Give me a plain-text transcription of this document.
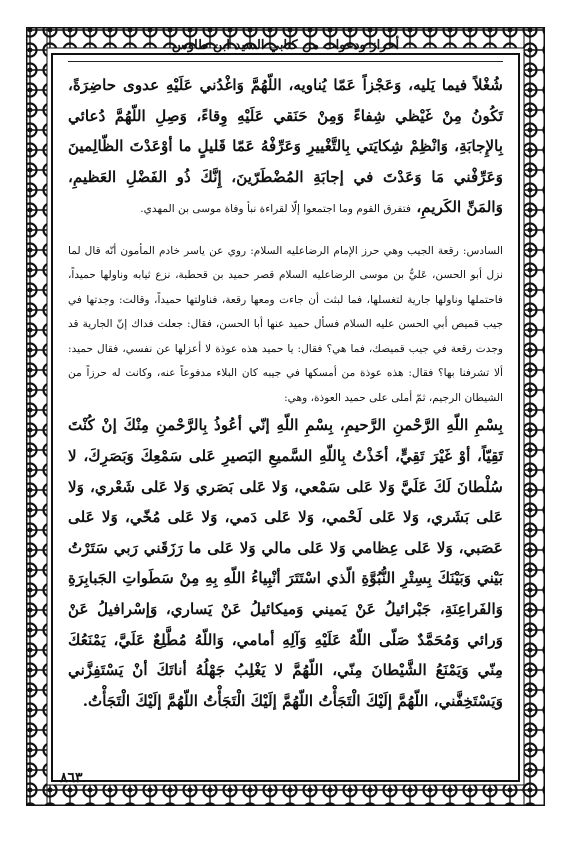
أحراز ودعوات من كتابي السيد ابن طاوس

شُغْلاً فيما يَليه، وَعَجْزاً عَمّا يُناويه، اللّهُمَّ وَاغْدُني عَلَيْهِ عدوى حاضِرَةً، تَكُونُ مِنْ غَيْظي شِفاءً وَمِنْ حَنَقي عَلَيْهِ وِقاءً، وَصِلِ اللّهُمَّ دُعائي بِالإِجابَةِ، وَانْظِمْ شِكايَتي بِالتَّغْييرِ وَعَرِّفْهُ عَمّا قَليلٍ ما أوْعَدْتَ الظّالِمينَ وَعَرِّفْني مَا وَعَدْتَ في إجابَةِ المُضْطَرّينَ، إِنَّكَ ذُو الفَضْلِ العَظيمِ، وَالمَنِّ الكَريمِ، فتفرق القوم وما اجتمعوا إلّا لقراءة نبأ وفاة موسى بن المهدي.

السادس: رقعة الجيب وهي حرز الإمام الرضاعليه السلام: روي عن ياسر خادم المأمون أنّه قال لما نزل أبو الحسن، عَليُّ بن موسى الرضاعليه السلام قصر حميد بن قحطبة، نزع ثيابه وناولها حميداً، فاحتملها وناولها جارية لتغسلها، فما لبثت أن جاءت ومعها رقعة، فناولتها حميداً، وقالت: وجدتها في جيب قميص أبي الحسن عليه السلام فسأل حميد عنها أبا الحسن، فقال: جعلت فداك إنّ الجارية قد وجدت رقعة في جيب قميصك، فما هي؟ فقال: يا حميد هذه عوذة لا أعزلها عن نفسي، فقال حميد: ألا تشرفنا بها؟ فقال: هذه عوذة من أمسكها في جيبه كان البلاء مدفوعاً عنه، وكانت له حرزاً من الشيطان الرجيم، ثمّ أملى على حميد العوذة، وهي:

بِسْمِ اللّهِ الرَّحْمنِ الرَّحيمِ، بِسْمِ اللّهِ إنّي أعُوذُ بِالرَّحْمنِ مِنْكَ إنْ كُنْتَ تَقِيّاً، أوْ غَيْرَ تَقِيٍّ، أخَذْتُ بِاللّهِ السَّميعِ البَصيرِ عَلى سَمْعِكَ وَبَصَرِكَ، لا سُلْطانَ لَكَ عَلَيَّ وَلا عَلى سَمْعي، وَلا عَلى بَصَري وَلا عَلى شَعْري، وَلا عَلى بَشَري، وَلا عَلى لَحْمي، وَلا عَلى دَمي، وَلا عَلى مُخّي، وَلا عَلى عَصَبي، وَلا عَلى عِظامي وَلا عَلى مالي وَلا عَلى ما رَزَقَني رَبي سَتَرْتُ بَيْني وَبَيْنَكَ بِسِتْرِ النُّبُوَّةِ الّذي اسْتَتَرَ أنْبِياءُ اللّهِ بِهِ مِنْ سَطَواتِ الجَبابِرَةِ وَالفَراعِنَةِ، جَبْرائيلُ عَنْ يَميني وَميكائيلُ عَنْ يَساري، وَإسْرافيلُ عَنْ وَرائي وَمُحَمَّدٌ صَلّى اللّهُ عَلَيْهِ وَآلِهِ أمامي، وَاللّهُ مُطَّلِعٌ عَلَيَّ، يَمْنَعُكَ مِنّي وَيَمْنَعُ الشَّيْطانَ مِنّي، اللّهُمَّ لا يَغْلِبُ جَهْلُهُ أناتَكَ أنْ يَسْتَفِزَّني وَيَسْتَخِفَّني، اللّهُمَّ إلَيْكَ الْتَجَأْتُ اللّهُمَّ إلَيْكَ الْتَجَأْتُ اللّهُمَّ إلَيْكَ الْتَجَأْتُ.

٨٦٣
